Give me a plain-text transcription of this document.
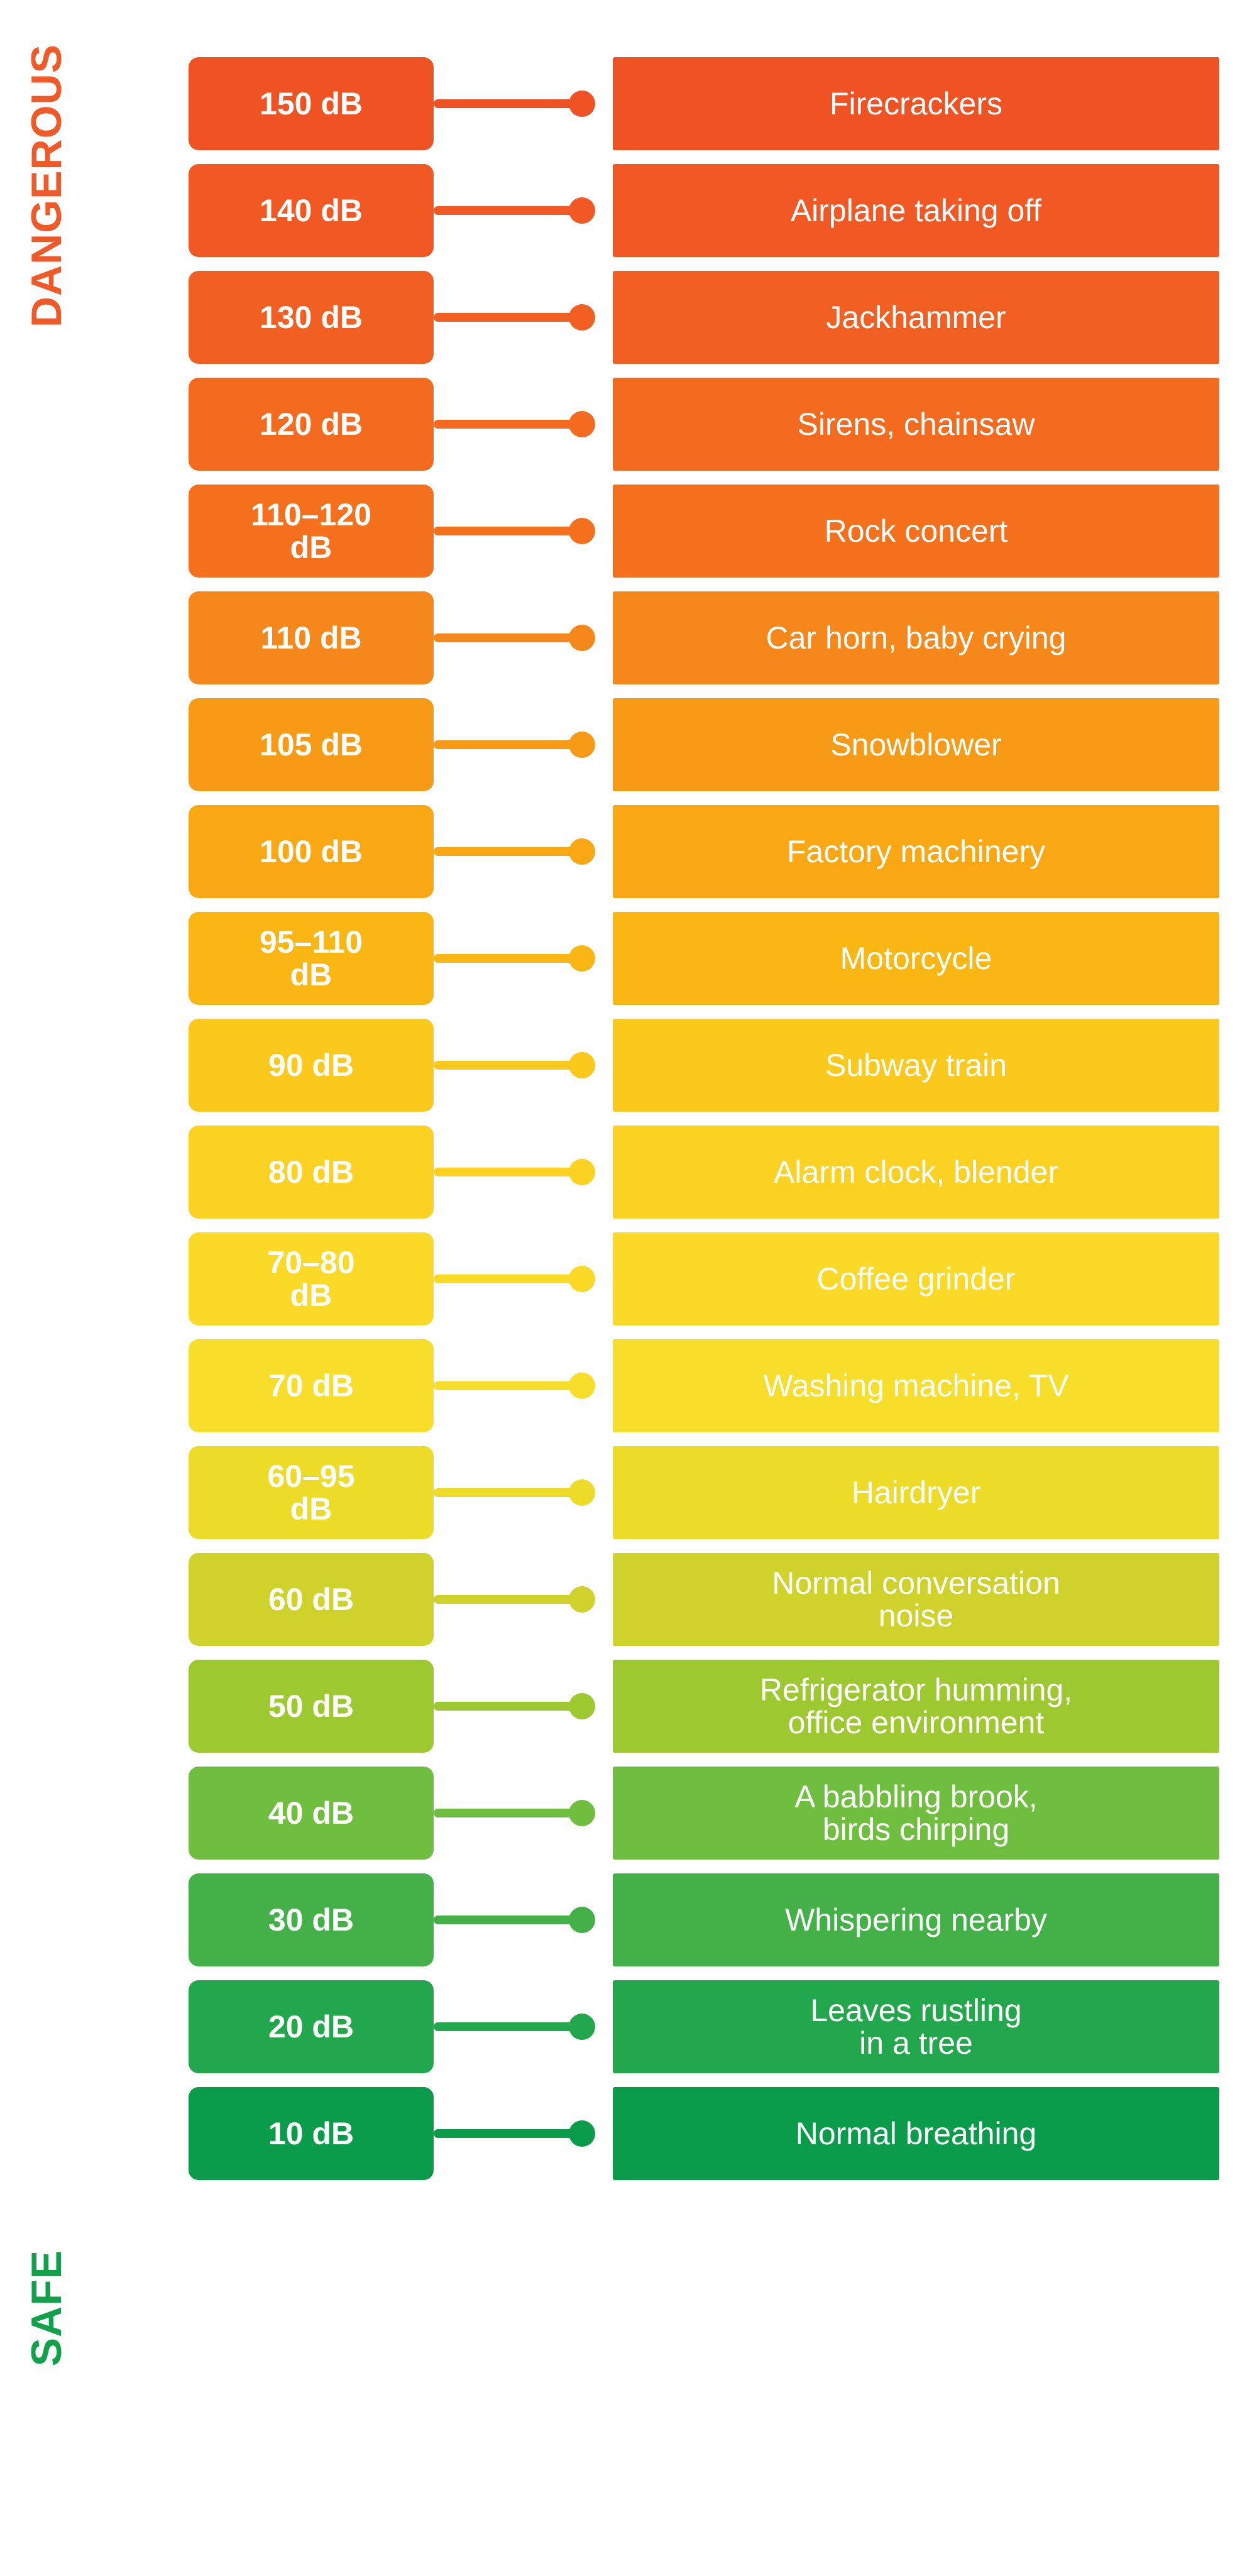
DANGEROUS
SAFE
150 dB	Firecrackers
140 dB	Airplane taking off
130 dB	Jackhammer
120 dB	Sirens, chainsaw
110–120
dB	Rock concert
110 dB	Car horn, baby crying
105 dB	Snowblower
100 dB	Factory machinery
95–110
dB	Motorcycle
90 dB	Subway train
80 dB	Alarm clock, blender
70–80
dB	Coffee grinder
70 dB	Washing machine, TV
60–95
dB	Hairdryer
60 dB	Normal conversation
noise
50 dB	Refrigerator humming,
office environment
40 dB	A babbling brook,
birds chirping
30 dB	Whispering nearby
20 dB	Leaves rustling
in a tree
10 dB	Normal breathing
